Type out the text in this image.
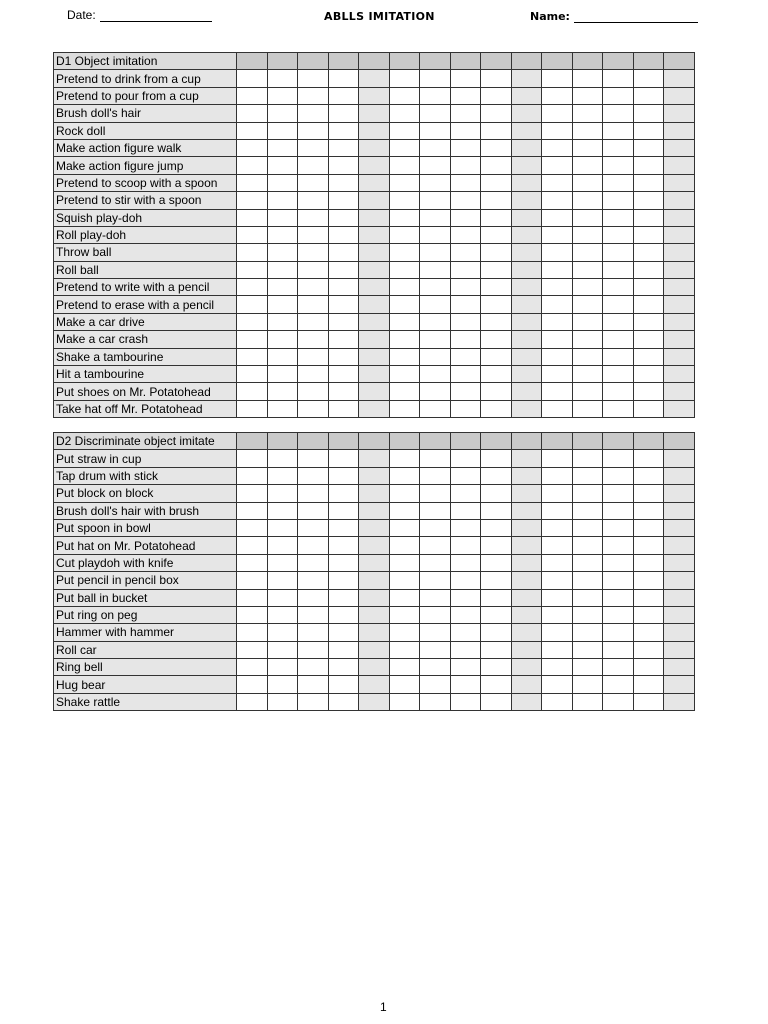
Date:	ABLLS IMITATION	Name:
D1 Object imitation															
Pretend to drink from a cup															
Pretend to pour from a cup															
Brush doll's hair															
Rock doll															
Make action figure walk															
Make action figure jump															
Pretend to scoop with a spoon															
Pretend to stir with a spoon															
Squish play-doh															
Roll play-doh															
Throw ball															
Roll ball															
Pretend to write with a pencil															
Pretend to erase with a pencil															
Make a car drive															
Make a car crash															
Shake a tambourine															
Hit a tambourine															
Put shoes on Mr. Potatohead															
Take hat off Mr. Potatohead															
D2 Discriminate object imitate															
Put straw in cup															
Tap drum with stick															
Put block on block															
Brush doll's hair with brush															
Put spoon in bowl															
Put hat on Mr. Potatohead															
Cut playdoh with knife															
Put pencil in pencil box															
Put ball in bucket															
Put ring on peg															
Hammer with hammer															
Roll car															
Ring bell															
Hug bear															
Shake rattle															
1
